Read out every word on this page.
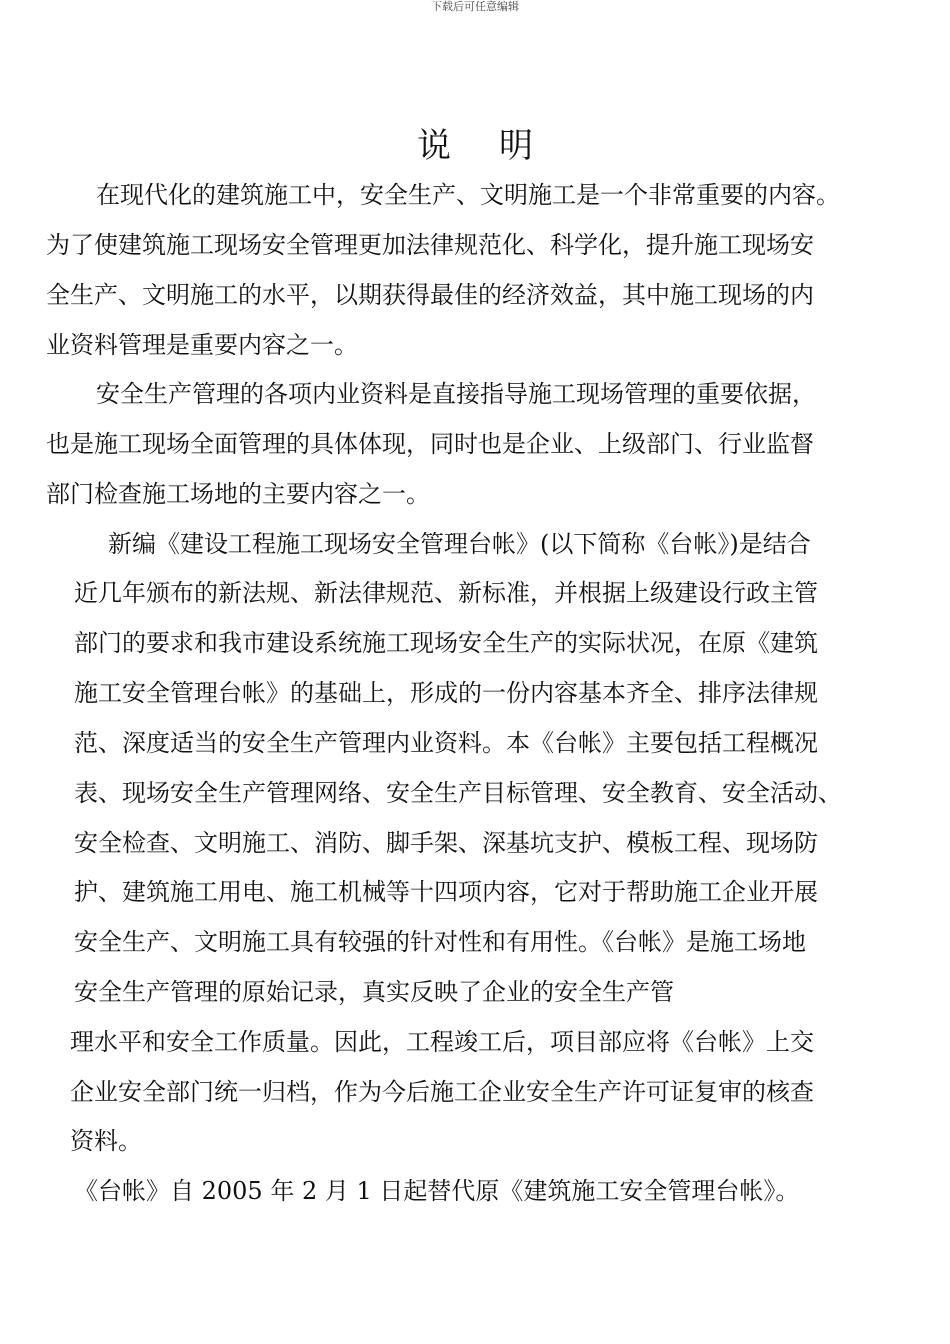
下载后可任意编辑
说明
在现代化的建筑施工中，安全生产、文明施工是一个非常重要的内容。
为了使建筑施工现场安全管理更加法律规范化、科学化，提升施工现场安
全生产、文明施工的水平，以期获得最佳的经济效益，其中施工现场的内
业资料管理是重要内容之一。
安全生产管理的各项内业资料是直接指导施工现场管理的重要依据，
也是施工现场全面管理的具体体现，同时也是企业、上级部门、行业监督
部门检查施工场地的主要内容之一。
新编《建设工程施工现场安全管理台帐》(以下简称《台帐》)是结合
近几年颁布的新法规、新法律规范、新标准，并根据上级建设行政主管
部门的要求和我市建设系统施工现场安全生产的实际状况，在原《建筑
施工安全管理台帐》的基础上，形成的一份内容基本齐全、排序法律规
范、深度适当的安全生产管理内业资料。本《台帐》主要包括工程概况
表、现场安全生产管理网络、安全生产目标管理、安全教育、安全活动、
安全检查、文明施工、消防、脚手架、深基坑支护、模板工程、现场防
护、建筑施工用电、施工机械等十四项内容，它对于帮助施工企业开展
安全生产、文明施工具有较强的针对性和有用性。《台帐》是施工场地
安全生产管理的原始记录，真实反映了企业的安全生产管
理水平和安全工作质量。因此，工程竣工后，项目部应将《台帐》上交
企业安全部门统一归档，作为今后施工企业安全生产许可证复审的核查
资料。
《台帐》自 2005 年 2 月 1 日起替代原《建筑施工安全管理台帐》。
